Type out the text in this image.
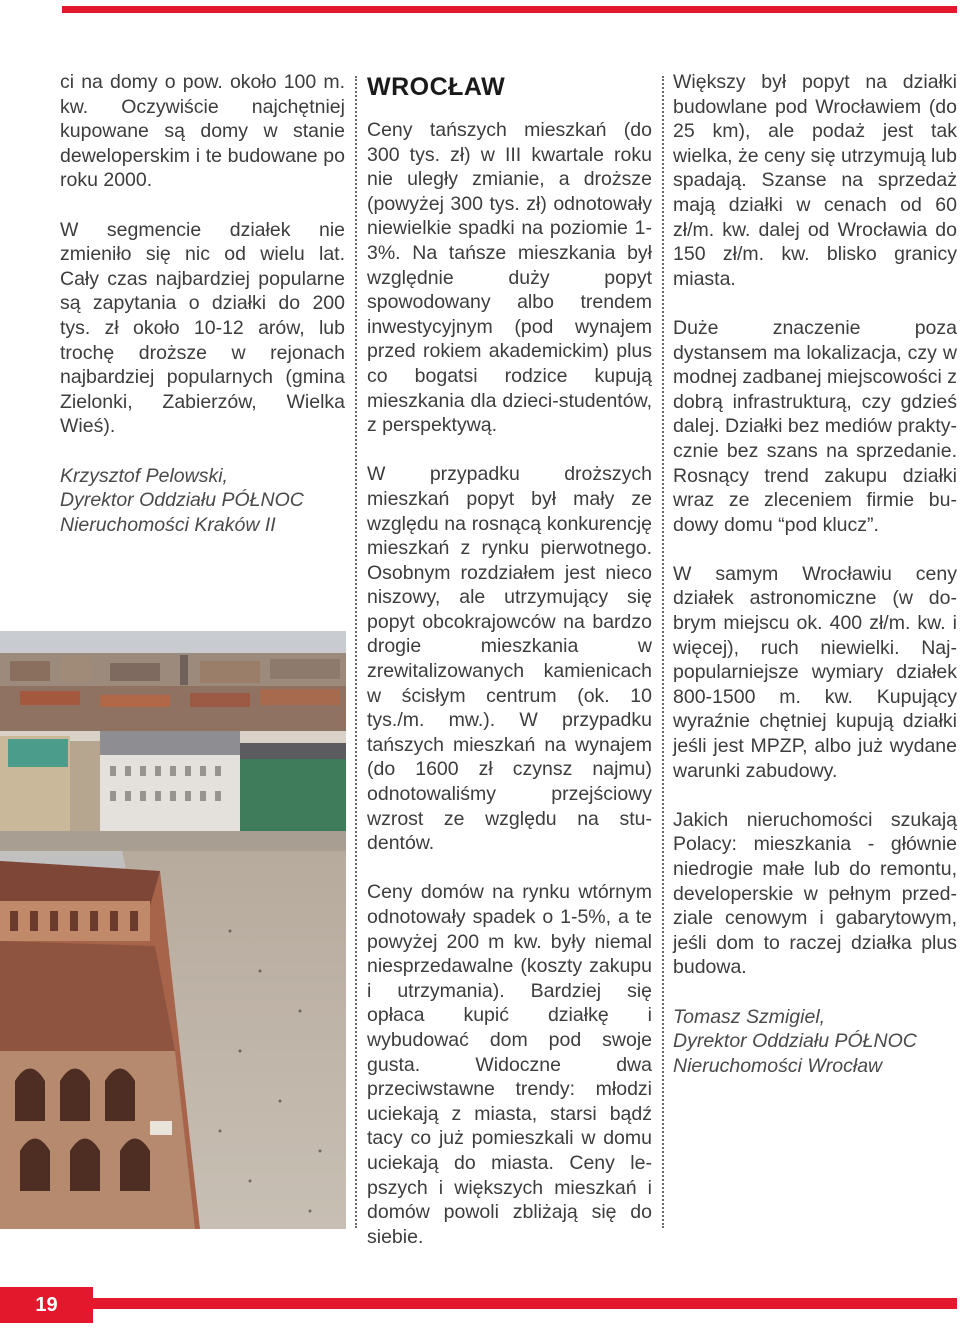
ci na domy o pow. około 100 m. kw. Oczywiście najchętniej kupowane są domy w stanie deweloperskim i te budowane po roku 2000.

W segmencie działek nie zmieniło się nic od wielu lat. Cały czas najbardziej popularne są zapytania o działki do 200 tys. zł około 10-12 arów, lub trochę droższe w rejonach najbardziej popularnych (gmina Zielonki, Zabierzów, Wielka Wieś).

Krzysztof Pelowski,
Dyrektor Oddziału PÓŁNOC
Nieruchomości Kraków II

WROCŁAW

Ceny tańszych mieszkań (do 300 tys. zł) w III kwartale roku nie uległy zmianie, a droższe (powyżej 300 tys. zł) odnotowały niewielkie spadki na poziomie 1-3%. Na tańsze mieszkania był względnie duży popyt spowodowany albo trendem inwestycyjnym (pod wynajem przed rokiem akademickim) plus co bogatsi rodzice kupują mieszkania dla dzieci-studentów, z perspektywą.

W przypadku droższych mieszkań popyt był mały ze względu na rosnącą konkurencję mieszkań z rynku pierwotnego. Osobnym rozdziałem jest nieco niszowy, ale utrzymujący się popyt obcokrajowców na bardzo drogie mieszkania w zrewitalizowanych kamienicach w ścisłym centrum (ok. 10 tys./m. mw.). W przypadku tańszych mieszkań na wynajem (do 1600 zł czynsz najmu) odnotowaliśmy przejściowy wzrost ze względu na studentów.

Ceny domów na rynku wtórnym odnotowały spadek o 1-5%, a te powyżej 200 m kw. były niemal niesprzedawalne (koszty zakupu i utrzymania). Bardziej się opłaca kupić działkę i wybudować dom pod swoje gusta. Widoczne dwa przeciwstawne trendy: młodzi uciekają z miasta, starsi bądź tacy co już pomieszkali w domu uciekają do miasta. Ceny lepszych i większych mieszkań i domów powoli zbliżają się do siebie.

Większy był popyt na działki budowlane pod Wrocławiem (do 25 km), ale podaż jest tak wielka, że ceny się utrzymują lub spadają. Szanse na sprzedaż mają działki w cenach od 60 zł/m. kw. dalej od Wrocławia do 150 zł/m. kw. blisko granicy miasta.

Duże znaczenie poza dystansem ma lokalizacja, czy w modnej zadbanej miejscowości z dobrą infrastrukturą, czy gdzieś dalej. Działki bez mediów praktycznie bez szans na sprzedanie. Rosnący trend zakupu działki wraz ze zleceniem firmie budowy domu “pod klucz”.

W samym Wrocławiu ceny działek astronomiczne (w dobrym miejscu ok. 400 zł/m. kw. i więcej), ruch niewielki. Najpopularniejsze wymiary działek 800-1500 m. kw. Kupujący wyraźnie chętniej kupują działki jeśli jest MPZP, albo już wydane warunki zabudowy.

Jakich nieruchomości szukają Polacy: mieszkania - głównie niedrogie małe lub do remontu, developerskie w pełnym przedziale cenowym i gabarytowym, jeśli dom to raczej działka plus budowa.

Tomasz Szmigiel,
Dyrektor Oddziału PÓŁNOC
Nieruchomości Wrocław

19
